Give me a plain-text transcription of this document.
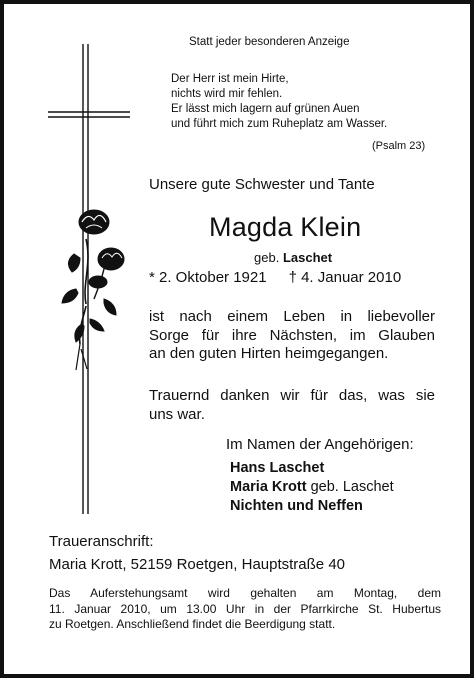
Statt jeder besonderen Anzeige
Der Herr ist mein Hirte,
nichts wird mir fehlen.
Er lässt mich lagern auf grünen Auen
und führt mich zum Ruheplatz am Wasser.
(Psalm 23)
Unsere gute Schwester und Tante
Magda Klein
geb. Laschet
* 2. Oktober 1921 † 4. Januar 2010
ist nach einem Leben in liebevoller
Sorge für ihre Nächsten, im Glauben
an den guten Hirten heimgegangen.
Trauernd danken wir für das, was sie
uns war.
Im Namen der Angehörigen:
Hans Laschet
Maria Krott geb. Laschet
Nichten und Neffen
Traueranschrift:
Maria Krott, 52159 Roetgen, Hauptstraße 40
Das Auferstehungsamt wird gehalten am Montag, dem
11. Januar 2010, um 13.00 Uhr in der Pfarrkirche St. Hubertus
zu Roetgen. Anschließend findet die Beerdigung statt.
